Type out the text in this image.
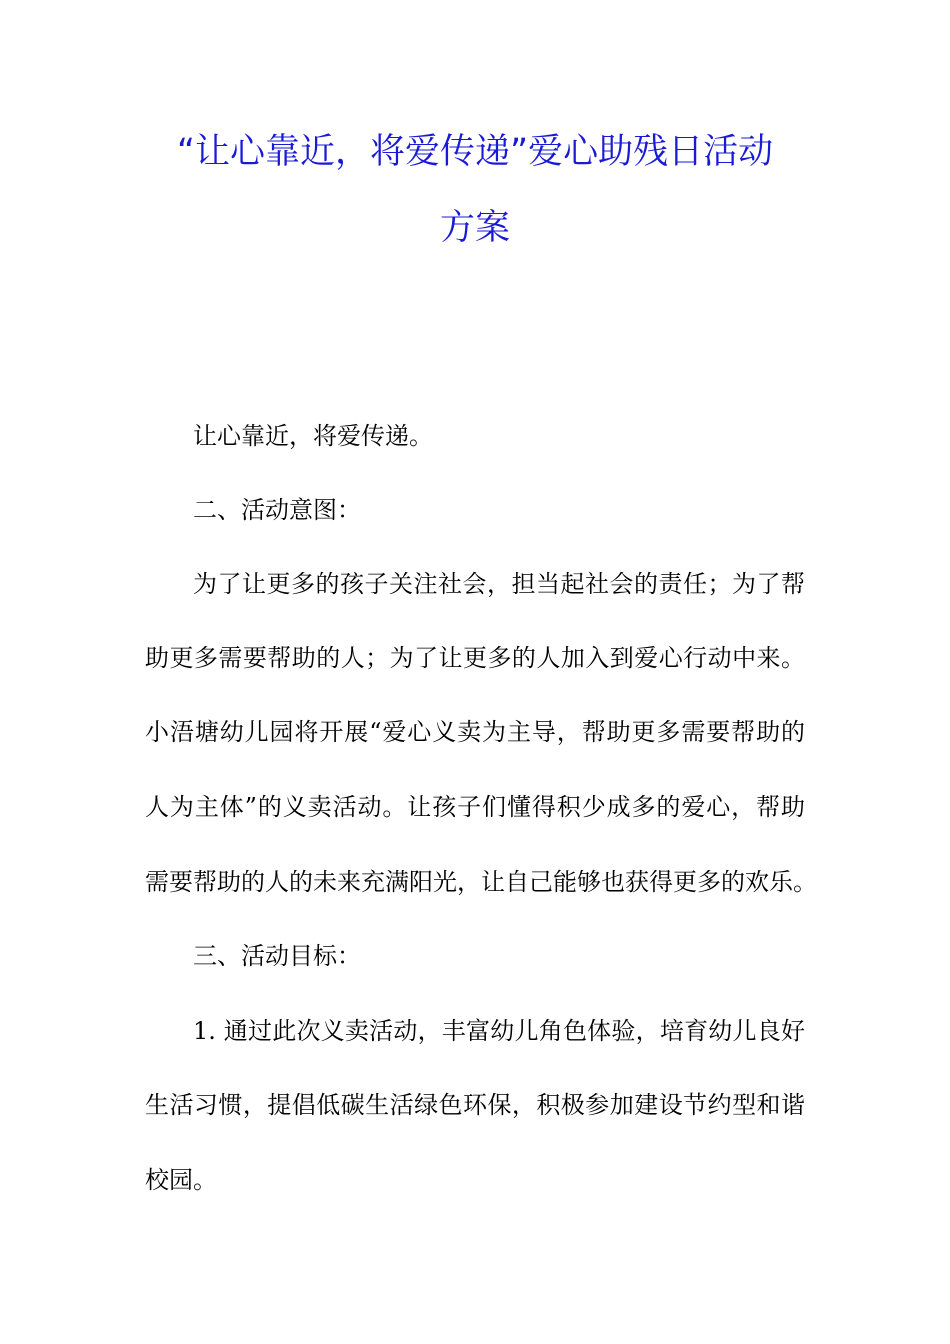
“让心靠近，将爱传递”爱心助残日活动
方案
让心靠近，将爱传递。
二、活动意图：
为了让更多的孩子关注社会，担当起社会的责任；为了帮
助更多需要帮助的人；为了让更多的人加入到爱心行动中来。
小浯塘幼儿园将开展“爱心义卖为主导，帮助更多需要帮助的
人为主体”的义卖活动。让孩子们懂得积少成多的爱心，帮助
需要帮助的人的未来充满阳光，让自己能够也获得更多的欢乐。
三、活动目标：
1. 通过此次义卖活动，丰富幼儿角色体验，培育幼儿良好
生活习惯，提倡低碳生活绿色环保，积极参加建设节约型和谐
校园。
